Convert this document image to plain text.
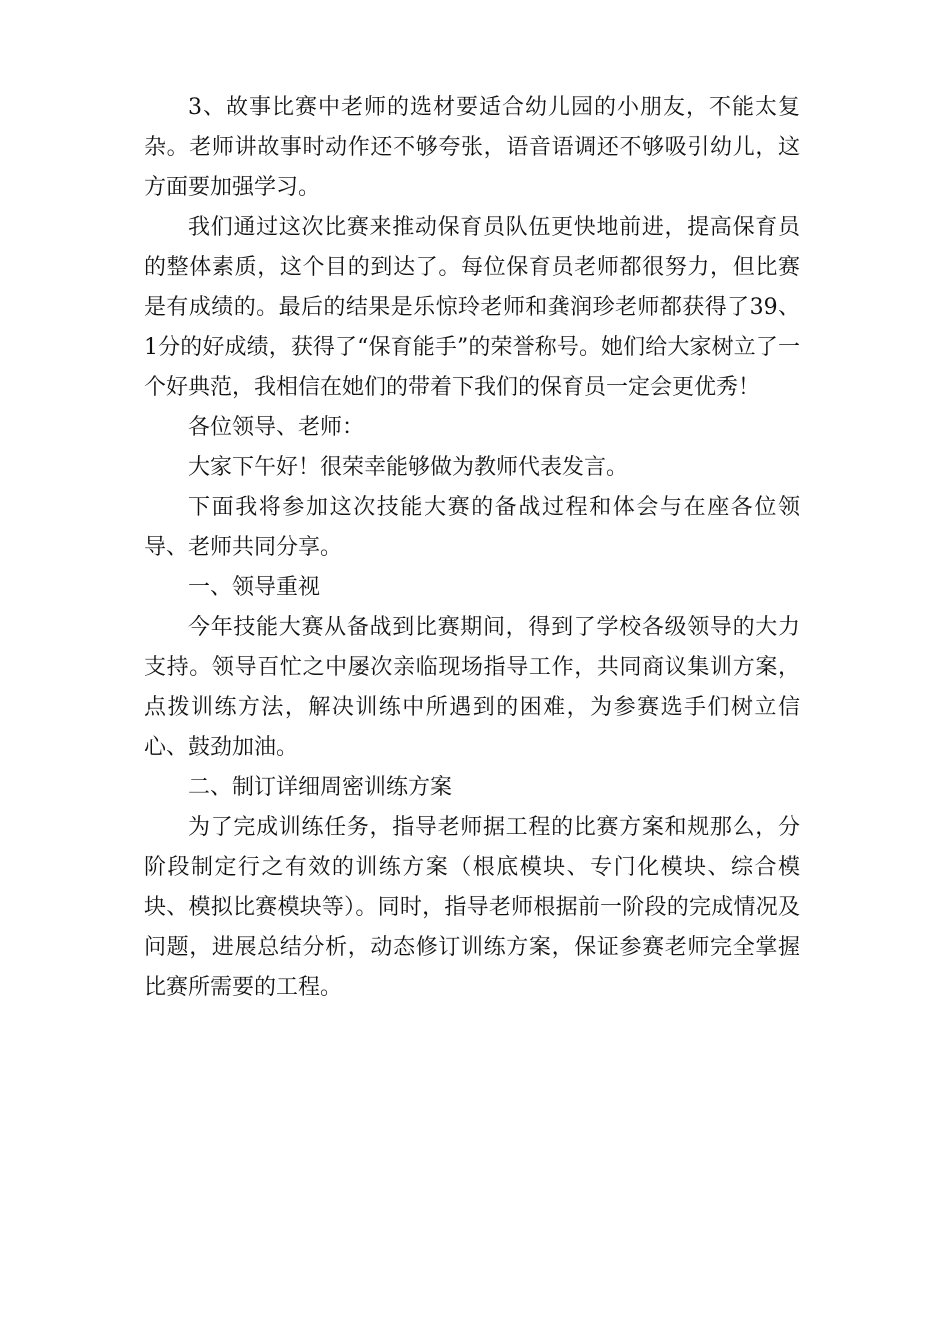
3、故事比赛中老师的选材要适合幼儿园的小朋友，不能太复杂。老师讲故事时动作还不够夸张，语音语调还不够吸引幼儿，这方面要加强学习。

我们通过这次比赛来推动保育员队伍更快地前进，提高保育员的整体素质，这个目的到达了。每位保育员老师都很努力，但比赛是有成绩的。最后的结果是乐惊玲老师和龚润珍老师都获得了39、1分的好成绩，获得了“保育能手”的荣誉称号。她们给大家树立了一个好典范，我相信在她们的带着下我们的保育员一定会更优秀！

各位领导、老师：

大家下午好！很荣幸能够做为教师代表发言。

下面我将参加这次技能大赛的备战过程和体会与在座各位领导、老师共同分享。

一、领导重视

今年技能大赛从备战到比赛期间，得到了学校各级领导的大力支持。领导百忙之中屡次亲临现场指导工作，共同商议集训方案，点拨训练方法，解决训练中所遇到的困难，为参赛选手们树立信心、鼓劲加油。

二、制订详细周密训练方案

为了完成训练任务，指导老师据工程的比赛方案和规那么，分阶段制定行之有效的训练方案（根底模块、专门化模块、综合模块、模拟比赛模块等）。同时，指导老师根据前一阶段的完成情况及问题，进展总结分析，动态修订训练方案，保证参赛老师完全掌握比赛所需要的工程。
